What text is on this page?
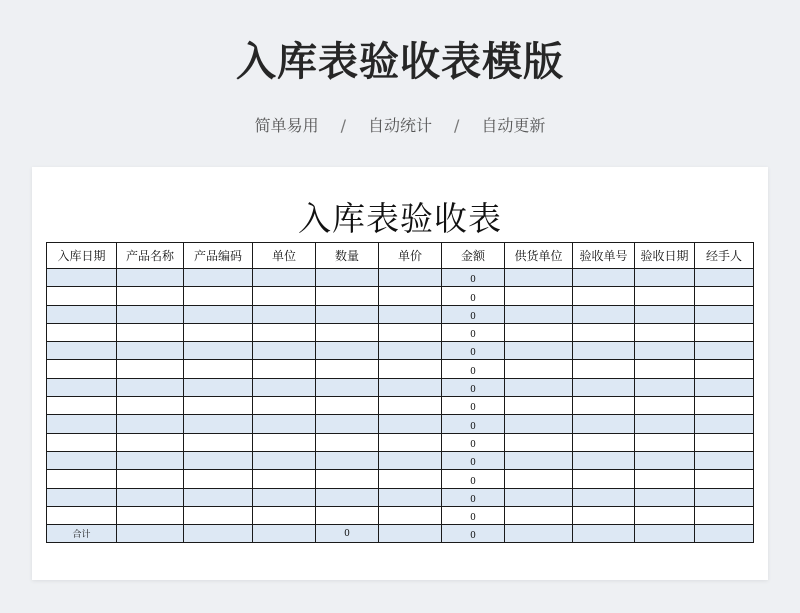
入库表验收表模版
简单易用 / 自动统计 / 自动更新
入库表验收表
入库日期	产品名称	产品编码	单位	数量	单价	金额	供货单位	验收单号	验收日期	经手人
						0				
						0				
						0				
						0				
						0				
						0				
						0				
						0				
						0				
						0				
						0				
						0				
						0				
						0				
合计				0		0				
